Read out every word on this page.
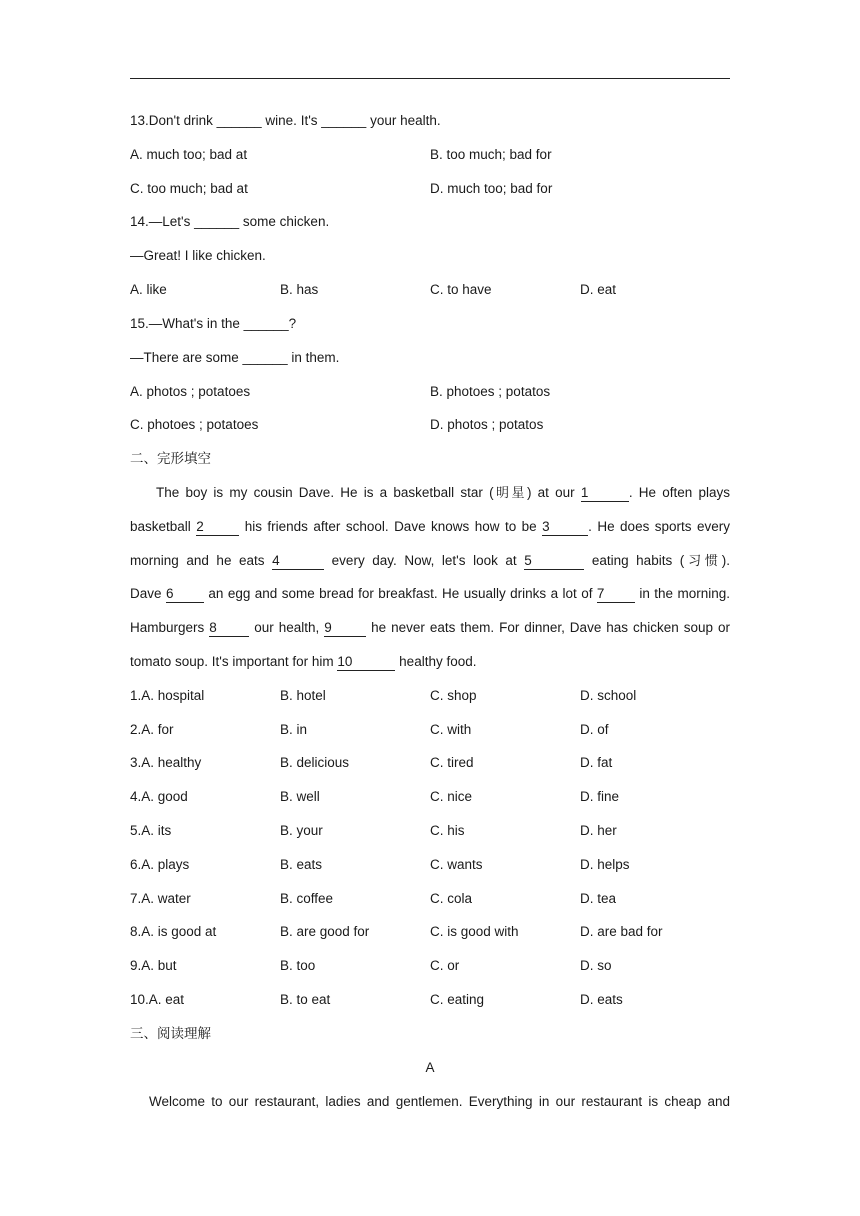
13.Don't drink ______ wine. It's ______ your health.
A. much too; bad at	B. too much; bad for
C. too much; bad at	D. much too; bad for
14.—Let's ______ some chicken.
—Great! I like chicken.
A. like	B. has	C. to have	D. eat
15.—What's in the ______?
—There are some ______ in them.
A. photos ; potatoes	B. photoes ; potatos
C. photoes ; potatoes	D. photos ; potatos
二、完形填空
The boy is my cousin Dave. He is a basketball star (明星) at our 1	. He often plays
basketball 2	his friends after school. Dave knows how to be 3	. He does sports every
morning and he eats 4	every day. Now, let's look at 5	eating habits (习惯).
Dave 6 an egg and some bread for breakfast. He usually drinks a lot of 7 in the morning.
Hamburgers 8 our health, 9	he never eats them. For dinner, Dave has chicken soup or
tomato soup. It's important for him 10	healthy food.
1.A. hospital	B. hotel	C. shop	D. school
2.A. for	B. in	C. with	D. of
3.A. healthy	B. delicious	C. tired	D. fat
4.A. good	B. well	C. nice	D. fine
5.A. its	B. your	C. his	D. her
6.A. plays	B. eats	C. wants	D. helps
7.A. water	B. coffee	C. cola	D. tea
8.A. is good at	B. are good for	C. is good with	D. are bad for
9.A. but	B. too	C. or	D. so
10.A. eat	B. to eat	C. eating	D. eats
三、阅读理解
A
Welcome to our restaurant, ladies and gentlemen. Everything in our restaurant is cheap and
